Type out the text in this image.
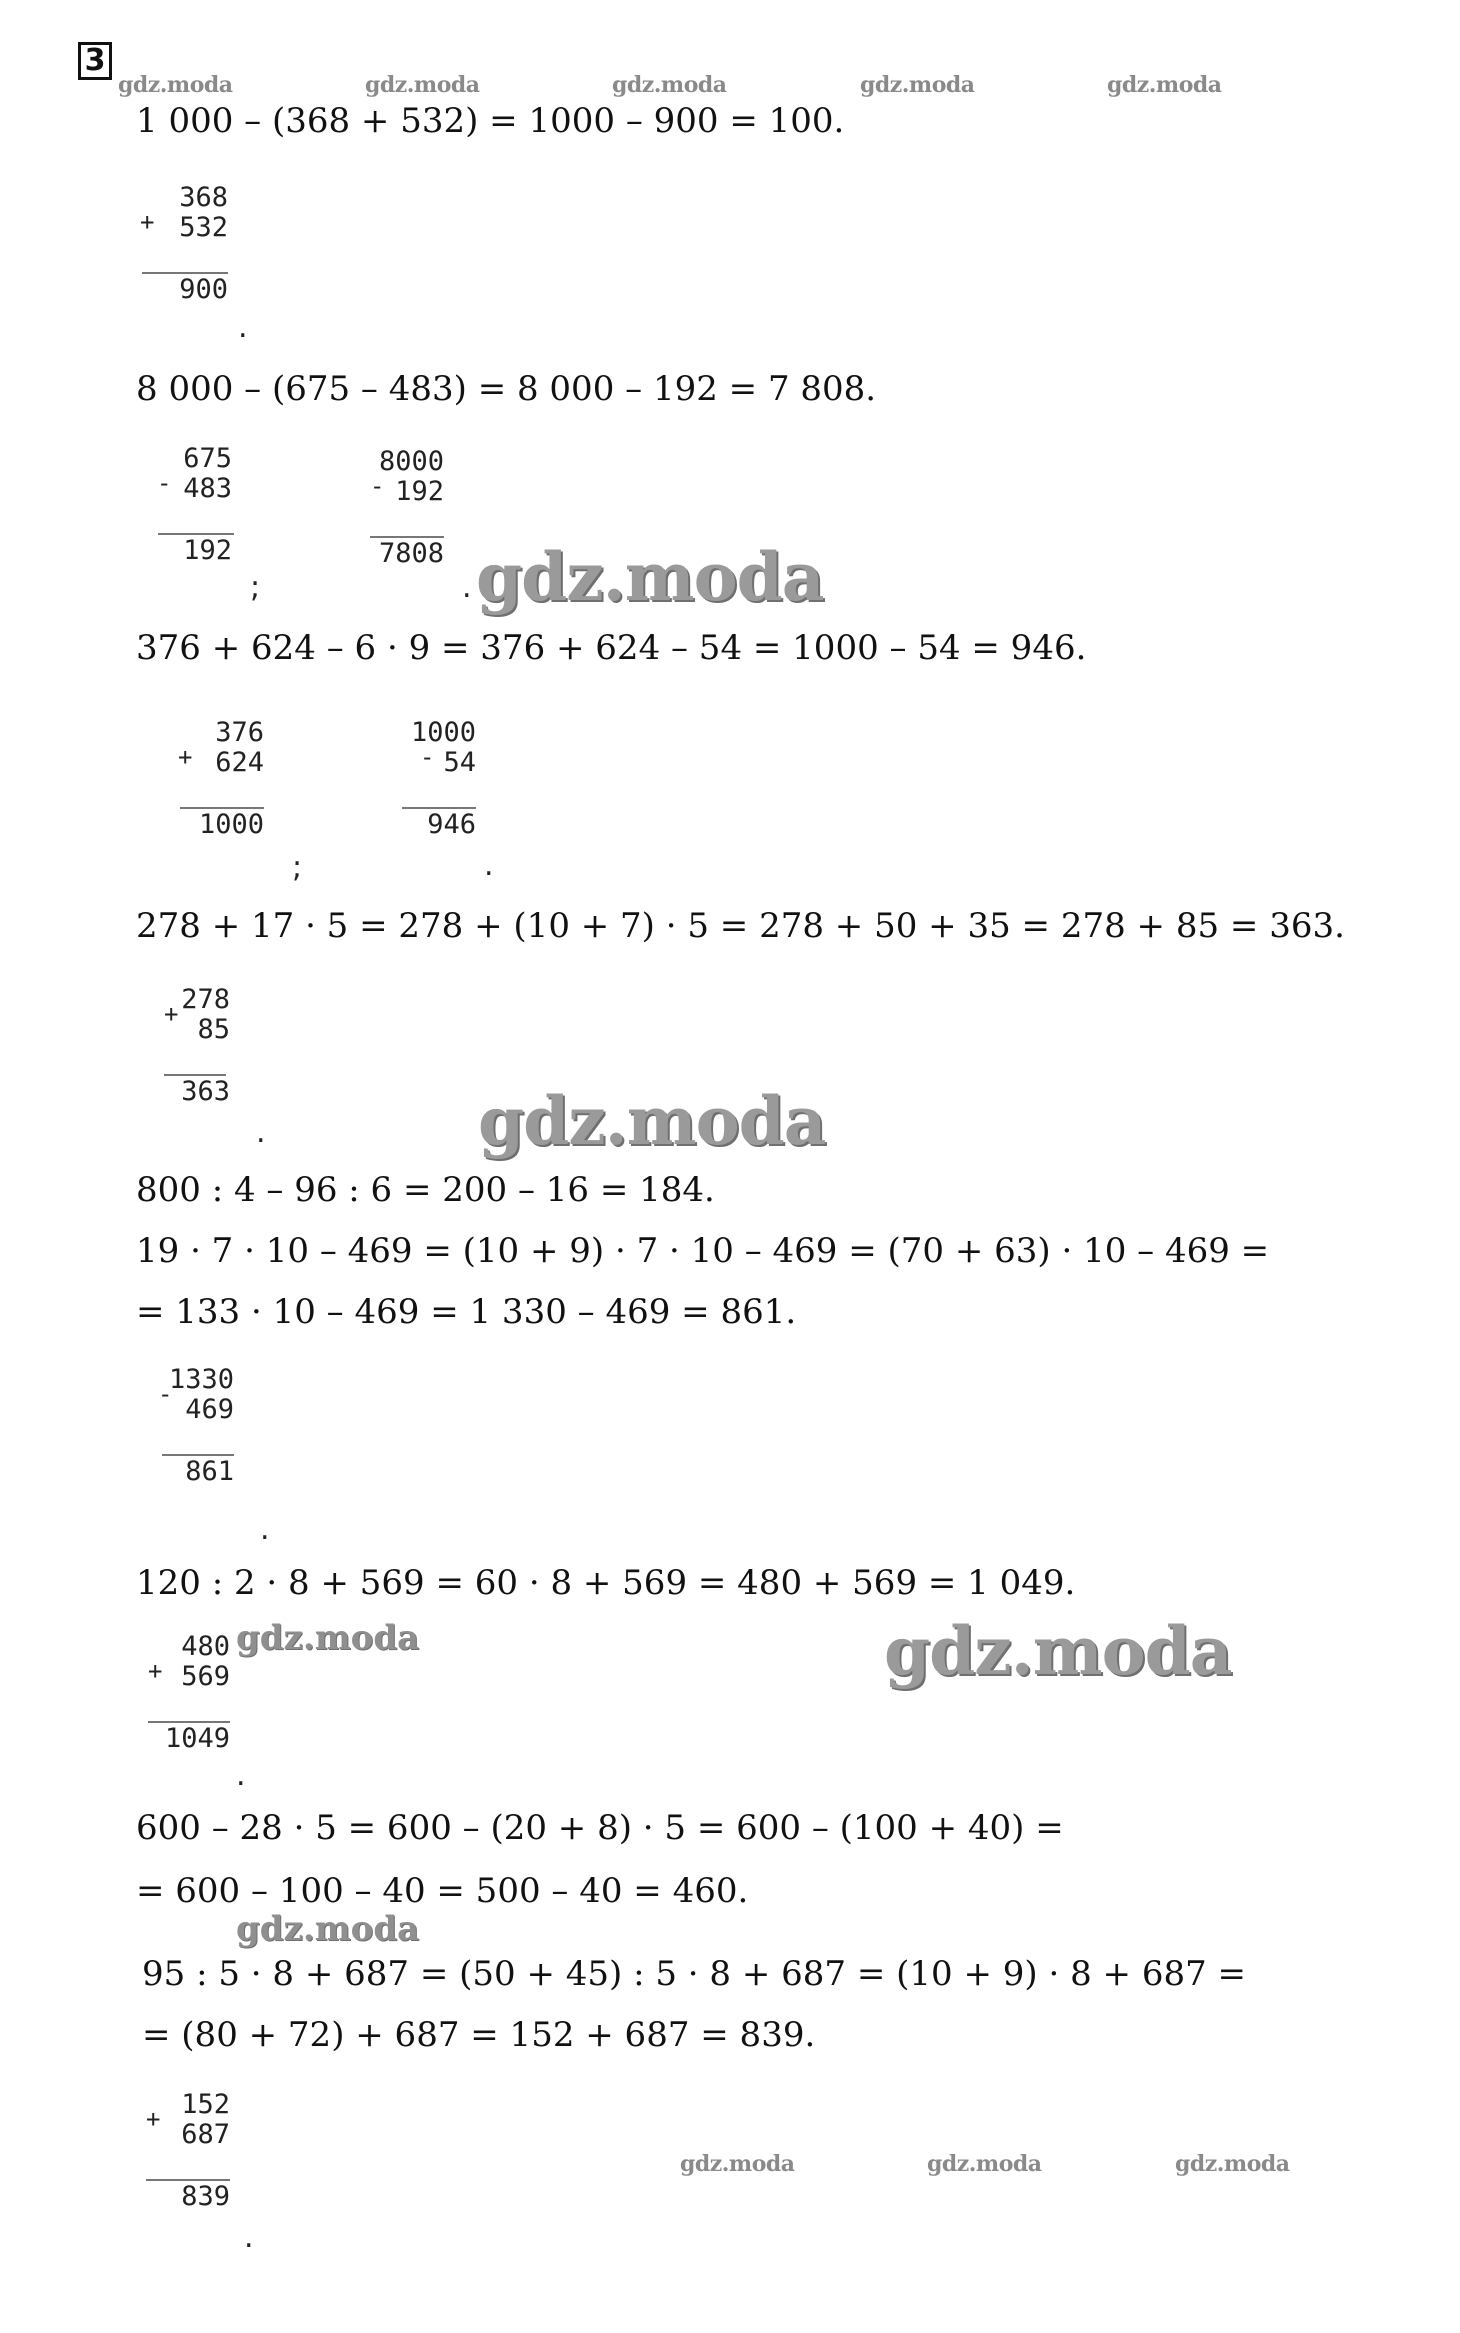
3
gdz.moda	gdz.moda	gdz.moda	gdz.moda	gdz.moda
1 000 – (368 + 532) = 1000 – 900 = 100.
+
368
532
900
.
8 000 – (675 – 483) = 8 000 – 192 = 7 808.
-
675
483
192
;
-
8000
192
7808
. gdz.moda
376 + 624 – 6 · 9 = 376 + 624 – 54 = 1000 – 54 = 946.
+
376
624
1000
;
-
1000
54
946
.
278 + 17 · 5 = 278 + (10 + 7) · 5 = 278 + 50 + 35 = 278 + 85 = 363.
+ 278
85
363
.	gdz.moda
800 : 4 – 96 : 6 = 200 – 16 = 184.
19 · 7 · 10 – 469 = (10 + 9) · 7 · 10 – 469 = (70 + 63) · 10 – 469 =
= 133 · 10 – 469 = 1 330 – 469 = 861.
-
1330
469
861
.
120 : 2 · 8 + 569 = 60 · 8 + 569 = 480 + 569 = 1 049.
+
480
569
1049
.
gdz.moda	gdz.moda
600 – 28 · 5 = 600 – (20 + 8) · 5 = 600 – (100 + 40) =
= 600 – 100 – 40 = 500 – 40 = 460.
gdz.moda
95 : 5 · 8 + 687 = (50 + 45) : 5 · 8 + 687 = (10 + 9) · 8 + 687 =
= (80 + 72) + 687 = 152 + 687 = 839.
+ 152
687
839
.
gdz.moda	gdz.moda	gdz.moda
